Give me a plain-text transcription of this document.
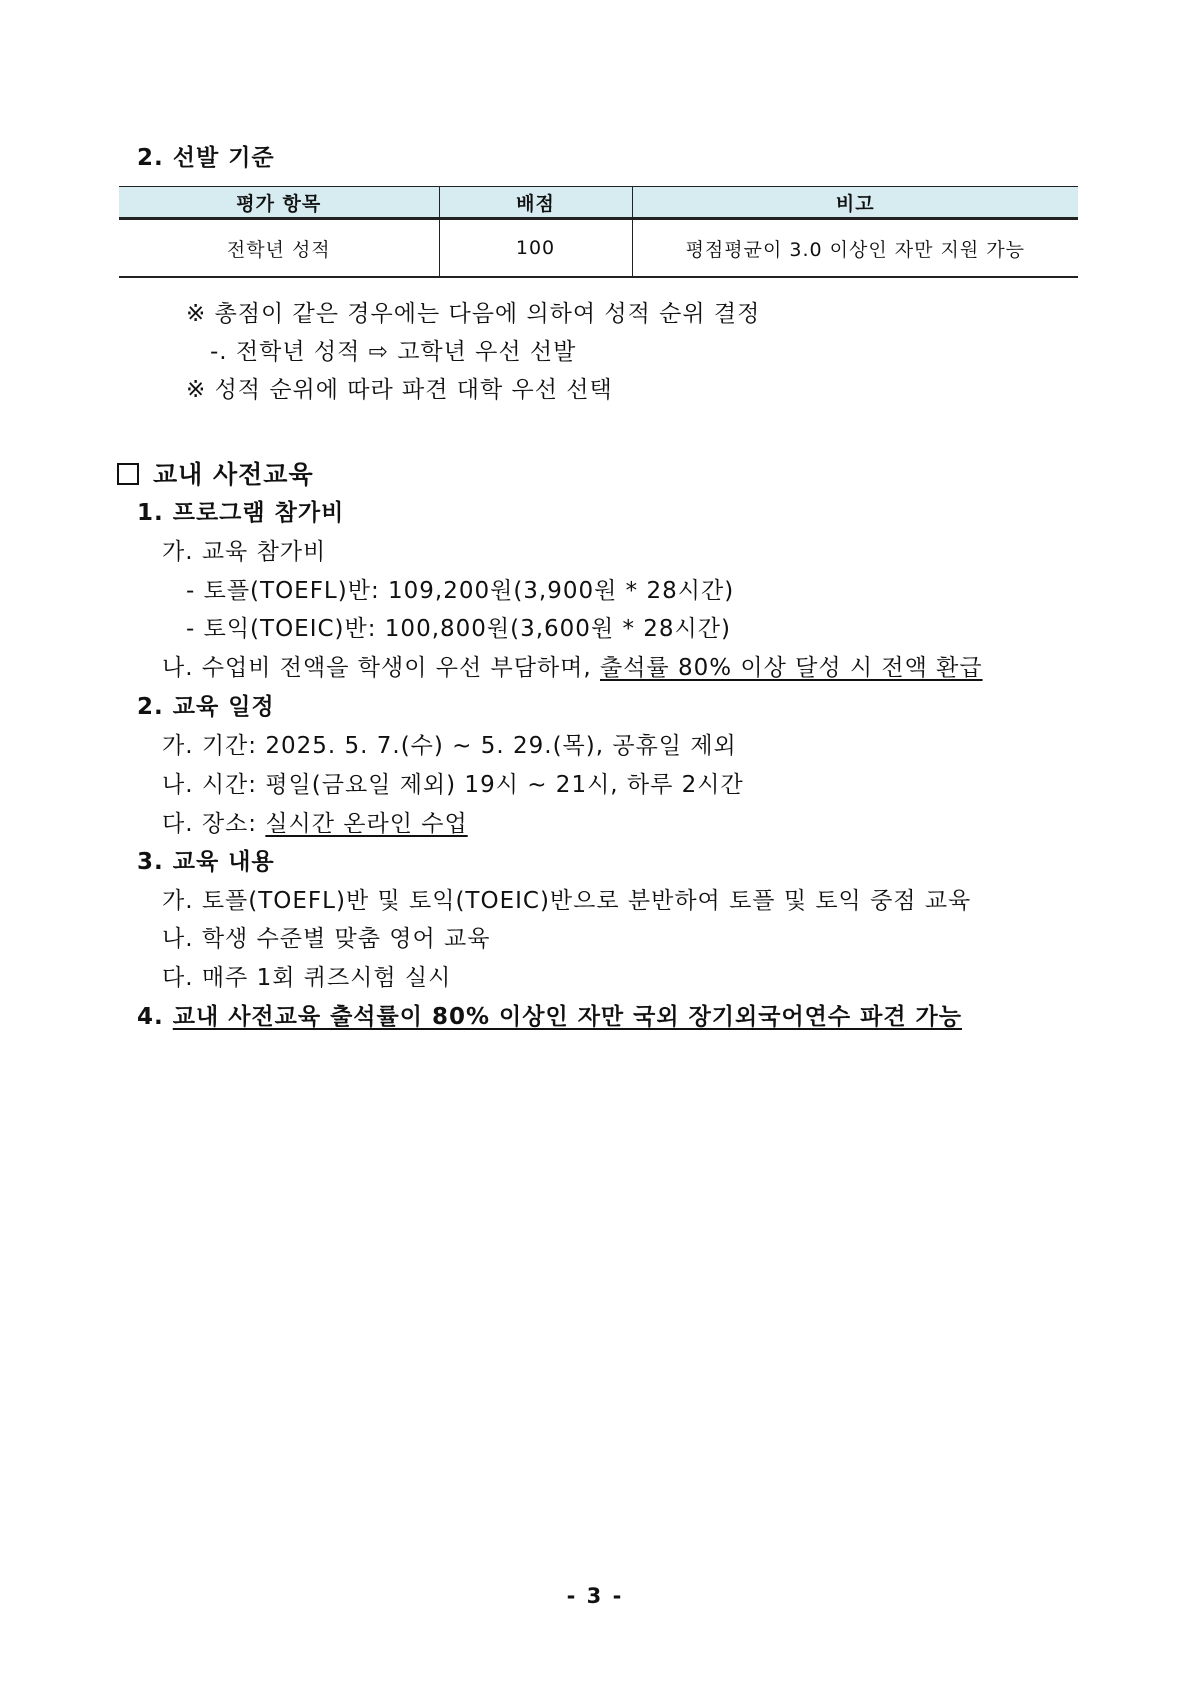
2. 선발 기준
평가 항목	배점	비고
전학년 성적	100	평점평균이 3.0 이상인 자만 지원 가능
※ 총점이 같은 경우에는 다음에 의하여 성적 순위 결정
-. 전학년 성적 ⇨ 고학년 우선 선발
※ 성적 순위에 따라 파견 대학 우선 선택
교내 사전교육
1. 프로그램 참가비
가. 교육 참가비
- 토플(TOEFL)반: 109,200원(3,900원 * 28시간)
- 토익(TOEIC)반: 100,800원(3,600원 * 28시간)
나. 수업비 전액을 학생이 우선 부담하며, 출석률 80% 이상 달성 시 전액 환급
2. 교육 일정
가. 기간: 2025. 5. 7.(수) ~ 5. 29.(목), 공휴일 제외
나. 시간: 평일(금요일 제외) 19시 ~ 21시, 하루 2시간
다. 장소: 실시간 온라인 수업
3. 교육 내용
가. 토플(TOEFL)반 및 토익(TOEIC)반으로 분반하여 토플 및 토익 중점 교육
나. 학생 수준별 맞춤 영어 교육
다. 매주 1회 퀴즈시험 실시
4. 교내 사전교육 출석률이 80% 이상인 자만 국외 장기외국어연수 파견 가능
- 3 -
